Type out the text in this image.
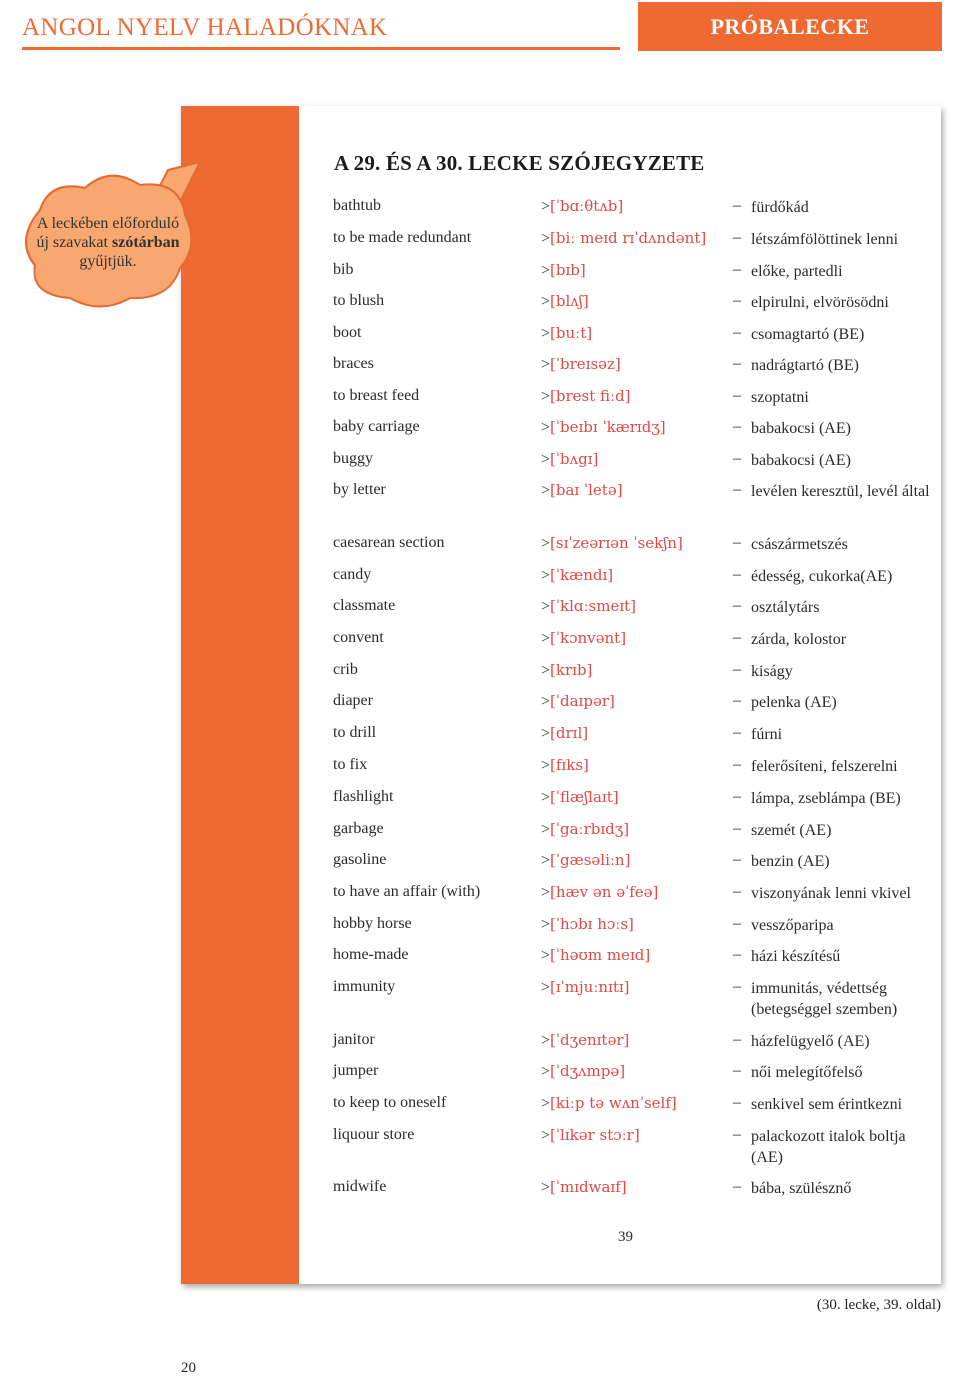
ANGOL NYELV HALADÓKNAK	PRÓBALECKE
A leckében előforduló
új szavakat szótárban
gyűjtjük.
A 29. ÉS A 30. LECKE SZÓJEGYZETE
bathtub	>[ˈbɑːθtʌb]	– fürdőkád
to be made redundant	>[biː meɪd rɪˈdʌndənt] – létszámfölöttinek lenni
bib	>[bɪb]	– előke, partedli
to blush	>[blʌʃ]	– elpirulni, elvörösödni
boot	>[buːt]	– csomagtartó (BE)
braces	>[ˈbreɪsəz]	– nadrágtartó (BE)
to breast feed	>[brest fiːd]	– szoptatni
baby carriage	>[ˈbeɪbɪ ˈkærɪdʒ]	– babakocsi (AE)
buggy	>[ˈbʌgɪ]	– babakocsi (AE)
by letter	>[baɪ ˈletə]	– levélen keresztül, levél által
caesarean section	>[sɪˈzeərɪən ˈsekʃn]	– császármetszés
candy	>[ˈkændɪ]	– édesség, cukorka(AE)
classmate	>[ˈklɑːsmeɪt]	– osztálytárs
convent	>[ˈkɔnvənt]	– zárda, kolostor
crib	>[krɪb]	– kiságy
diaper	>[ˈdaɪpər]	– pelenka (AE)
to drill	>[drɪl]	– fúrni
to fix	>[fɪks]	– felerősíteni, felszerelni
flashlight	>[ˈflæʃlaɪt]	– lámpa, zseblámpa (BE)
garbage	>[ˈgaːrbɪdʒ]	– szemét (AE)
gasoline	>[ˈgæsəliːn]	– benzin (AE)
to have an affair (with)	>[hæv ən əˈfeə]	– viszonyának lenni vkivel
hobby horse	>[ˈhɔbɪ hɔːs]	– vesszőparipa
home-made	>[ˈhəʊm meɪd]	– házi készítésű
immunity	>[ɪˈmjuːnɪtɪ]	– immunitás, védettség (betegséggel szemben)
janitor	>[ˈdʒenɪtər]	– házfelügyelő (AE)
jumper	>[ˈdʒʌmpə]	– női melegítőfelső
to keep to oneself	>[kiːp tə wʌnˈself]	– senkivel sem érintkezni
liquour store	>[ˈlɪkər stɔːr]	– palackozott italok boltja (AE)
midwife	>[ˈmɪdwaɪf]	– bába, szülésznő
39
(30. lecke, 39. oldal)
20
